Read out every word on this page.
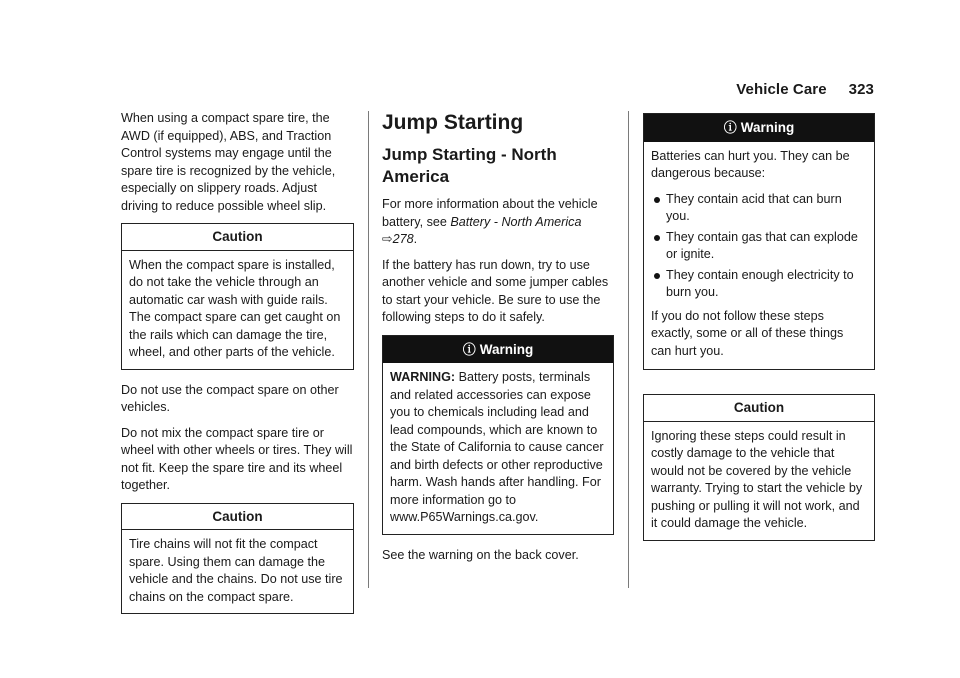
Vehicle Care 323

When using a compact spare tire, the AWD (if equipped), ABS, and Traction Control systems may engage until the spare tire is recognized by the vehicle, especially on slippery roads. Adjust driving to reduce possible wheel slip.

Caution
When the compact spare is installed, do not take the vehicle through an automatic car wash with guide rails. The compact spare can get caught on the rails which can damage the tire, wheel, and other parts of the vehicle.

Do not use the compact spare on other vehicles.

Do not mix the compact spare tire or wheel with other wheels or tires. They will not fit. Keep the spare tire and its wheel together.

Caution
Tire chains will not fit the compact spare. Using them can damage the vehicle and the chains. Do not use tire chains on the compact spare.
Jump Starting
Jump Starting - North America

For more information about the vehicle battery, see Battery - North America ⇨278.

If the battery has run down, try to use another vehicle and some jumper cables to start your vehicle. Be sure to use the following steps to do it safely.

ⓘ Warning
WARNING: Battery posts, terminals and related accessories can expose you to chemicals including lead and lead compounds, which are known to the State of California to cause cancer and birth defects or other reproductive harm. Wash hands after handling. For more information go to www.P65Warnings.ca.gov.

See the warning on the back cover.

ⓘ Warning

Batteries can hurt you. They can be dangerous because:

They contain acid that can burn you.
They contain gas that can explode or ignite.
They contain enough electricity to burn you.

If you do not follow these steps exactly, some or all of these things can hurt you.

Caution
Ignoring these steps could result in costly damage to the vehicle that would not be covered by the vehicle warranty. Trying to start the vehicle by pushing or pulling it will not work, and it could damage the vehicle.
